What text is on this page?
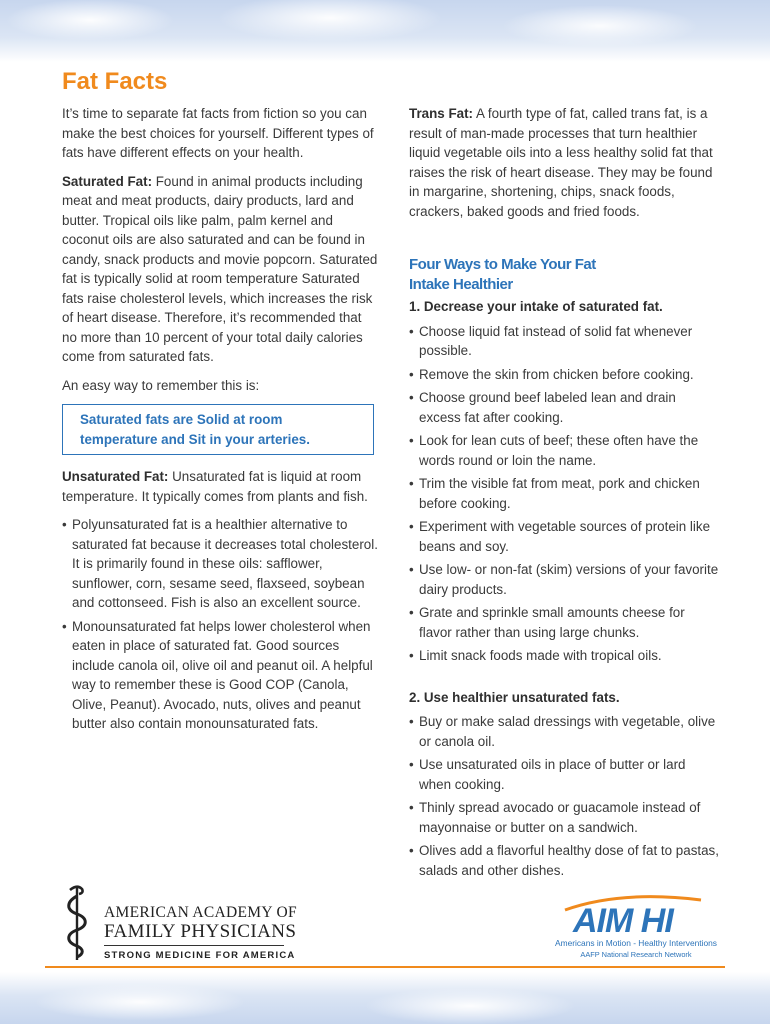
Fat Facts

It’s time to separate fat facts from fiction so you can make the best choices for yourself. Different types of fats have different effects on your health.

Saturated Fat: Found in animal products including meat and meat products, dairy products, lard and butter. Tropical oils like palm, palm kernel and coconut oils are also saturated and can be found in candy, snack products and movie popcorn. Saturated fat is typically solid at room temperature Saturated fats raise cholesterol levels, which increases the risk of heart disease. Therefore, it’s recommended that no more than 10 percent of your total daily calories come from saturated fats.

An easy way to remember this is:

Saturated fats are Solid at room temperature and Sit in your arteries.

Unsaturated Fat: Unsaturated fat is liquid at room temperature. It typically comes from plants and fish.

• Polyunsaturated fat is a healthier alternative to saturated fat because it decreases total cholesterol. It is primarily found in these oils: safflower, sunflower, corn, sesame seed, flaxseed, soybean and cottonseed. Fish is also an excellent source.
• Monounsaturated fat helps lower cholesterol when eaten in place of saturated fat. Good sources include canola oil, olive oil and peanut oil. A helpful way to remember these is Good COP (Canola, Olive, Peanut). Avocado, nuts, olives and peanut butter also contain monounsaturated fats.

Trans Fat: A fourth type of fat, called trans fat, is a result of man-made processes that turn healthier liquid vegetable oils into a less healthy solid fat that raises the risk of heart disease. They may be found in margarine, shortening, chips, snack foods, crackers, baked goods and fried foods.

Four Ways to Make Your Fat
Intake Healthier
1. Decrease your intake of saturated fat.
• Choose liquid fat instead of solid fat whenever possible.
• Remove the skin from chicken before cooking.
• Choose ground beef labeled lean and drain excess fat after cooking.
• Look for lean cuts of beef; these often have the words round or loin the name.
• Trim the visible fat from meat, pork and chicken before cooking.
• Experiment with vegetable sources of protein like beans and soy.
• Use low- or non-fat (skim) versions of your favorite dairy products.
• Grate and sprinkle small amounts cheese for flavor rather than using large chunks.
• Limit snack foods made with tropical oils.
2. Use healthier unsaturated fats.
• Buy or make salad dressings with vegetable, olive or canola oil.
• Use unsaturated oils in place of butter or lard when cooking.
• Thinly spread avocado or guacamole instead of mayonnaise or butter on a sandwich.
• Olives add a flavorful healthy dose of fat to pastas, salads and other dishes.
AMERICAN ACADEMY OF
FAMILY PHYSICIANS
STRONG MEDICINE FOR AMERICA
AIM HI
Americans in Motion - Healthy Interventions
AAFP National Research Network
